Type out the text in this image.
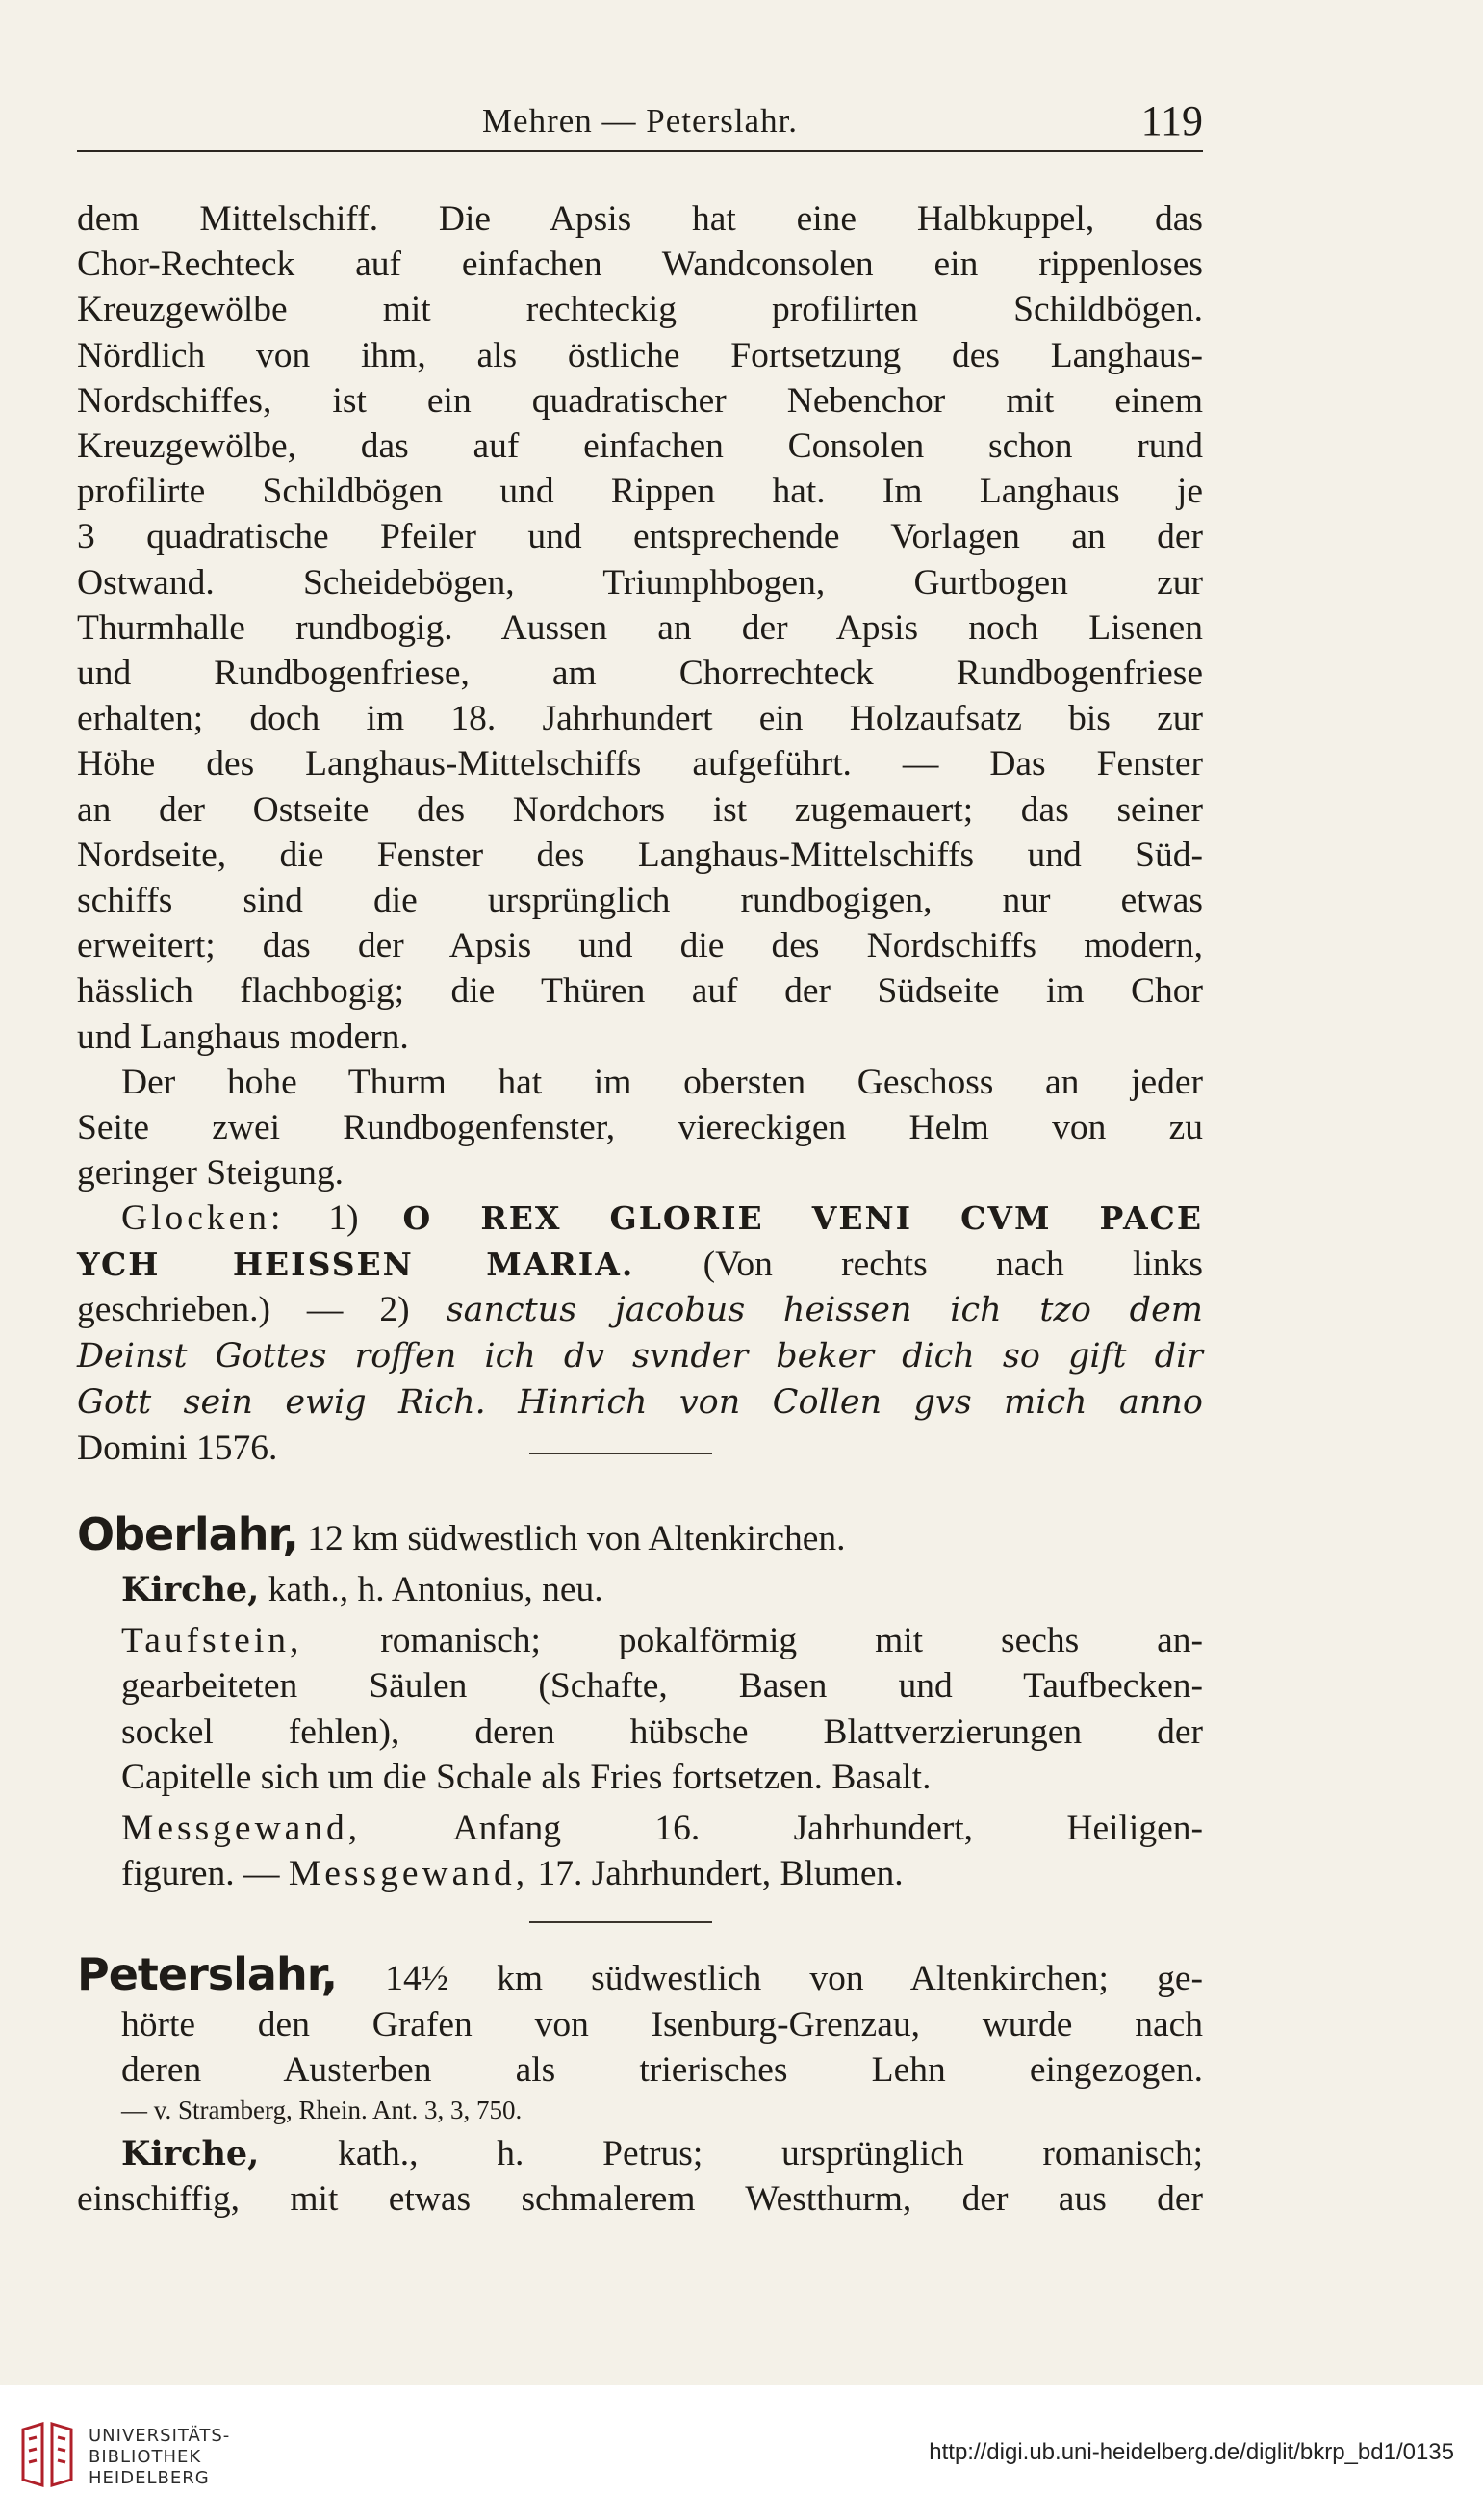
Mehren — Peterslahr.	119

dem Mittelschiff. Die Apsis hat eine Halbkuppel, das

Chor-Rechteck auf einfachen Wandconsolen ein rippenloses

Kreuzgewölbe mit rechteckig profilirten Schildbögen.

Nördlich von ihm, als östliche Fortsetzung des Langhaus-

Nordschiffes, ist ein quadratischer Nebenchor mit einem

Kreuzgewölbe, das auf einfachen Consolen schon rund

profilirte Schildbögen und Rippen hat. Im Langhaus je

3 quadratische Pfeiler und entsprechende Vorlagen an der

Ostwand. Scheidebögen, Triumphbogen, Gurtbogen zur

Thurmhalle rundbogig. Aussen an der Apsis noch Lisenen

und Rundbogenfriese, am Chorrechteck Rundbogenfriese

erhalten; doch im 18. Jahrhundert ein Holzaufsatz bis zur

Höhe des Langhaus-Mittelschiffs aufgeführt. — Das Fenster

an der Ostseite des Nordchors ist zugemauert; das seiner

Nordseite, die Fenster des Langhaus-Mittelschiffs und Süd-

schiffs sind die ursprünglich rundbogigen, nur etwas

erweitert; das der Apsis und die des Nordschiffs modern,

hässlich flachbogig; die Thüren auf der Südseite im Chor

und Langhaus modern.

Der hohe Thurm hat im obersten Geschoss an jeder

Seite zwei Rundbogenfenster, viereckigen Helm von zu

geringer Steigung.

Glocken: 1) O REX GLORIE VENI CVM PACE

YCH HEISSEN MARIA. (Von rechts nach links

geschrieben.) — 2) sanctus jacobus heissen ich tzo dem

Deinst Gottes roffen ich dv svnder beker dich so gift dir

Gott sein ewig Rich. Hinrich von Collen gvs mich anno

Domini 1576.

Oberlahr, 12 km südwestlich von Altenkirchen.

Kirche, kath., h. Antonius, neu.

Taufstein, romanisch; pokalförmig mit sechs an-

gearbeiteten Säulen (Schafte, Basen und Taufbecken-

sockel fehlen), deren hübsche Blattverzierungen der

Capitelle sich um die Schale als Fries fortsetzen. Basalt.

Messgewand, Anfang 16. Jahrhundert, Heiligen-

figuren. — Messgewand, 17. Jahrhundert, Blumen.

Peterslahr, 14½ km südwestlich von Altenkirchen; ge-

hörte den Grafen von Isenburg-Grenzau, wurde nach

deren Austerben als trierisches Lehn eingezogen.

— v. Stramberg, Rhein. Ant. 3, 3, 750.

Kirche, kath., h. Petrus; ursprünglich romanisch;

einschiffig, mit etwas schmalerem Westthurm, der aus der

UNIVERSITÄTS-
BIBLIOTHEK
HEIDELBERG
http://digi.ub.uni-heidelberg.de/diglit/bkrp_bd1/0135
